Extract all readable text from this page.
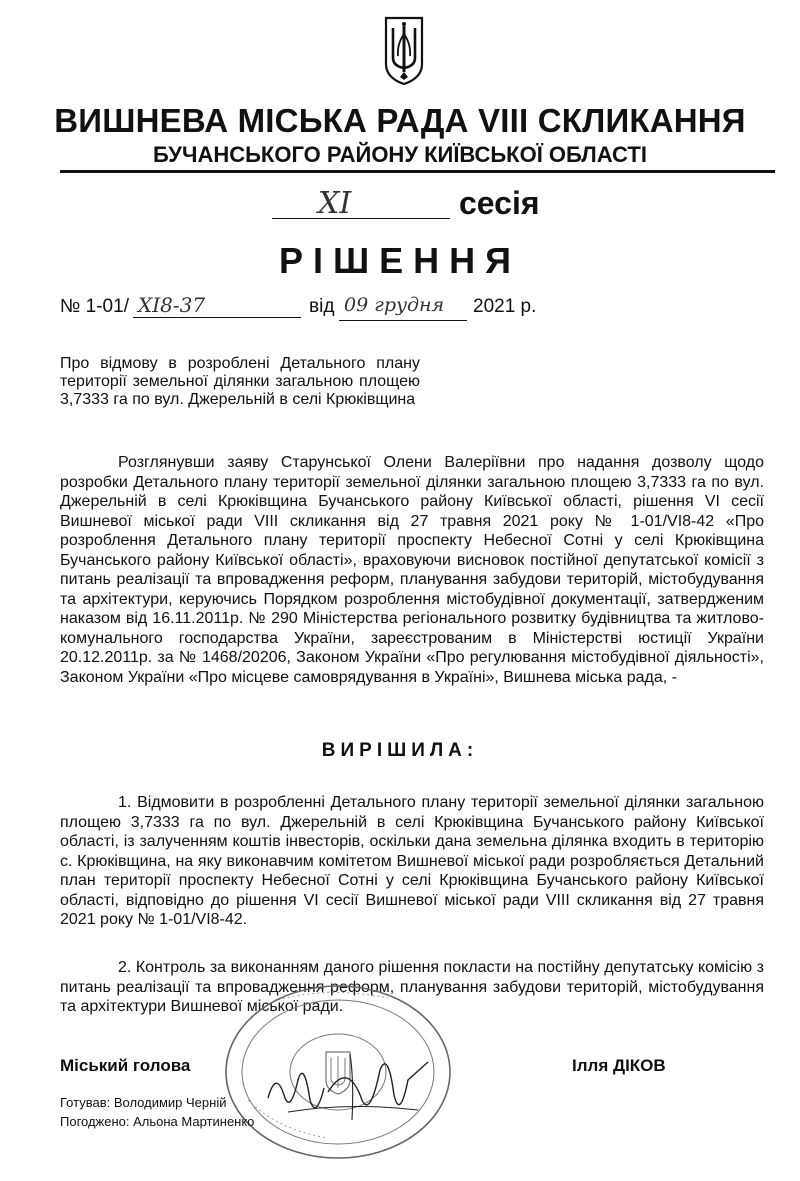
ВИШНЕВА МІСЬКА РАДА VIII СКЛИКАННЯ
БУЧАНСЬКОГО РАЙОНУ КИЇВСЬКОЇ ОБЛАСТІ
XI	сесія
РІШЕННЯ
№ 1-01/ XI8-37	від 09 грудня 2021 р.
Про відмову в розроблені Детального плану території земельної ділянки загальною площею 3,7333 га по вул. Джерельній в селі Крюківщина

Розглянувши заяву Старунської Олени Валеріївни про надання дозволу щодо розробки Детального плану території земельної ділянки загальною площею 3,7333 га по вул. Джерельній в селі Крюківщина Бучанського району Київської області, рішення VI сесії Вишневої міської ради VIII скликання від 27 травня 2021 року № 1-01/VI8-42 «Про розроблення Детального плану території проспекту Небесної Сотні у селі Крюківщина Бучанського району Київської області», враховуючи висновок постійної депутатської комісії з питань реалізації та впровадження реформ, планування забудови територій, містобудування та архітектури, керуючись Порядком розроблення містобудівної документації, затвердженим наказом від 16.11.2011р. № 290 Міністерства регіонального розвитку будівництва та житлово-комунального господарства України, зареєстрованим в Міністерстві юстиції України 20.12.2011р. за № 1468/20206, Законом України «Про регулювання містобудівної діяльності», Законом України «Про місцеве самоврядування в Україні», Вишнева міська рада, -

ВИРІШИЛА:

1. Відмовити в розробленні Детального плану території земельної ділянки загальною площею 3,7333 га по вул. Джерельній в селі Крюківщина Бучанського району Київської області, із залученням коштів інвесторів, оскільки дана земельна ділянка входить в територію с. Крюківщина, на яку виконавчим комітетом Вишневої міської ради розробляється Детальний план території проспекту Небесної Сотні у селі Крюківщина Бучанського району Київської області, відповідно до рішення VI сесії Вишневої міської ради VIII скликання від 27 травня 2021 року № 1-01/VI8-42.

2. Контроль за виконанням даного рішення покласти на постійну депутатську комісію з питань реалізації та впровадження реформ, планування забудови територій, містобудування та архітектури Вишневої міської ради.

Міський голова	Ілля ДІКОВ
Готував: Володимир Черній
Погоджено: Альона Мартиненко
